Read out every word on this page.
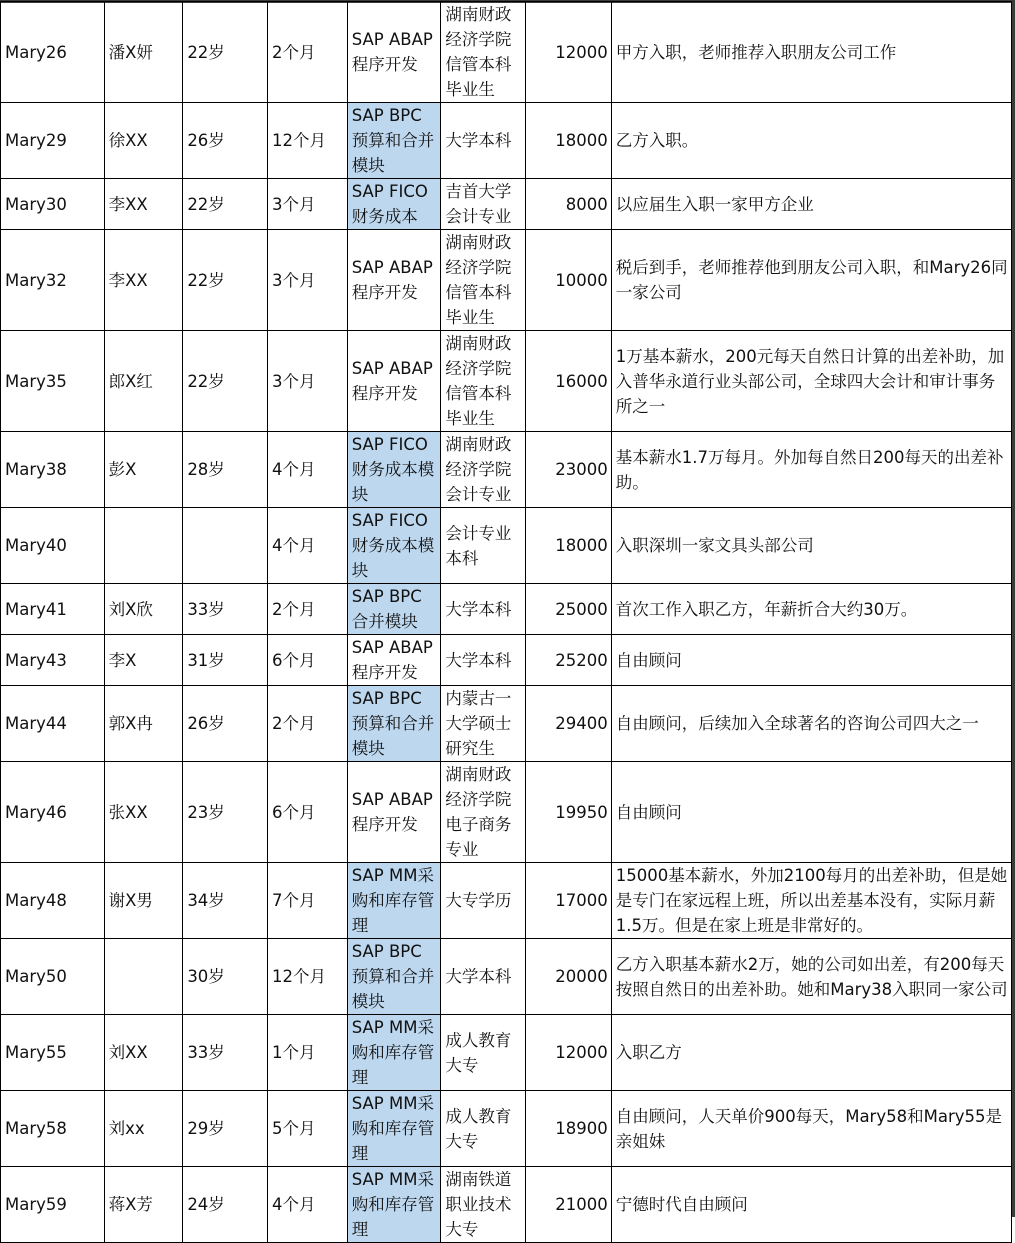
Mary26	潘X妍	22岁	2个月	SAP ABAP程序开发	湖南财政经济学院信管本科毕业生	12000	甲方入职，老师推荐入职朋友公司工作
Mary29	徐XX	26岁	12个月	SAP BPC预算和合并模块	大学本科	18000	乙方入职。
Mary30	李XX	22岁	3个月	SAP FICO财务成本	吉首大学会计专业	8000	以应届生入职一家甲方企业
Mary32	李XX	22岁	3个月	SAP ABAP程序开发	湖南财政经济学院信管本科毕业生	10000	税后到手，老师推荐他到朋友公司入职，和Mary26同一家公司
Mary35	郎X红	22岁	3个月	SAP ABAP程序开发	湖南财政经济学院信管本科毕业生	16000	1万基本薪水，200元每天自然日计算的出差补助，加入普华永道行业头部公司，全球四大会计和审计事务所之一
Mary38	彭X	28岁	4个月	SAP FICO财务成本模块	湖南财政经济学院会计专业	23000	基本薪水1.7万每月。外加每自然日200每天的出差补助。
Mary40			4个月	SAP FICO财务成本模块	会计专业本科	18000	入职深圳一家文具头部公司
Mary41	刘X欣	33岁	2个月	SAP BPC合并模块	大学本科	25000	首次工作入职乙方，年薪折合大约30万。
Mary43	李X	31岁	6个月	SAP ABAP程序开发	大学本科	25200	自由顾问
Mary44	郭X冉	26岁	2个月	SAP BPC预算和合并模块	内蒙古一大学硕士研究生	29400	自由顾问，后续加入全球著名的咨询公司四大之一
Mary46	张XX	23岁	6个月	SAP ABAP程序开发	湖南财政经济学院电子商务专业	19950	自由顾问
Mary48	谢X男	34岁	7个月	SAP MM采购和库存管理	大专学历	17000	15000基本薪水，外加2100每月的出差补助，但是她是专门在家远程上班，所以出差基本没有，实际月薪1.5万。但是在家上班是非常好的。
Mary50		30岁	12个月	SAP BPC预算和合并模块	大学本科	20000	乙方入职基本薪水2万，她的公司如出差，有200每天按照自然日的出差补助。她和Mary38入职同一家公司
Mary55	刘XX	33岁	1个月	SAP MM采购和库存管理	成人教育大专	12000	入职乙方
Mary58	刘xx	29岁	5个月	SAP MM采购和库存管理	成人教育大专	18900	自由顾问，人天单价900每天，Mary58和Mary55是亲姐妹
Mary59	蒋X芳	24岁	4个月	SAP MM采购和库存管理	湖南铁道职业技术大专	21000	宁德时代自由顾问
